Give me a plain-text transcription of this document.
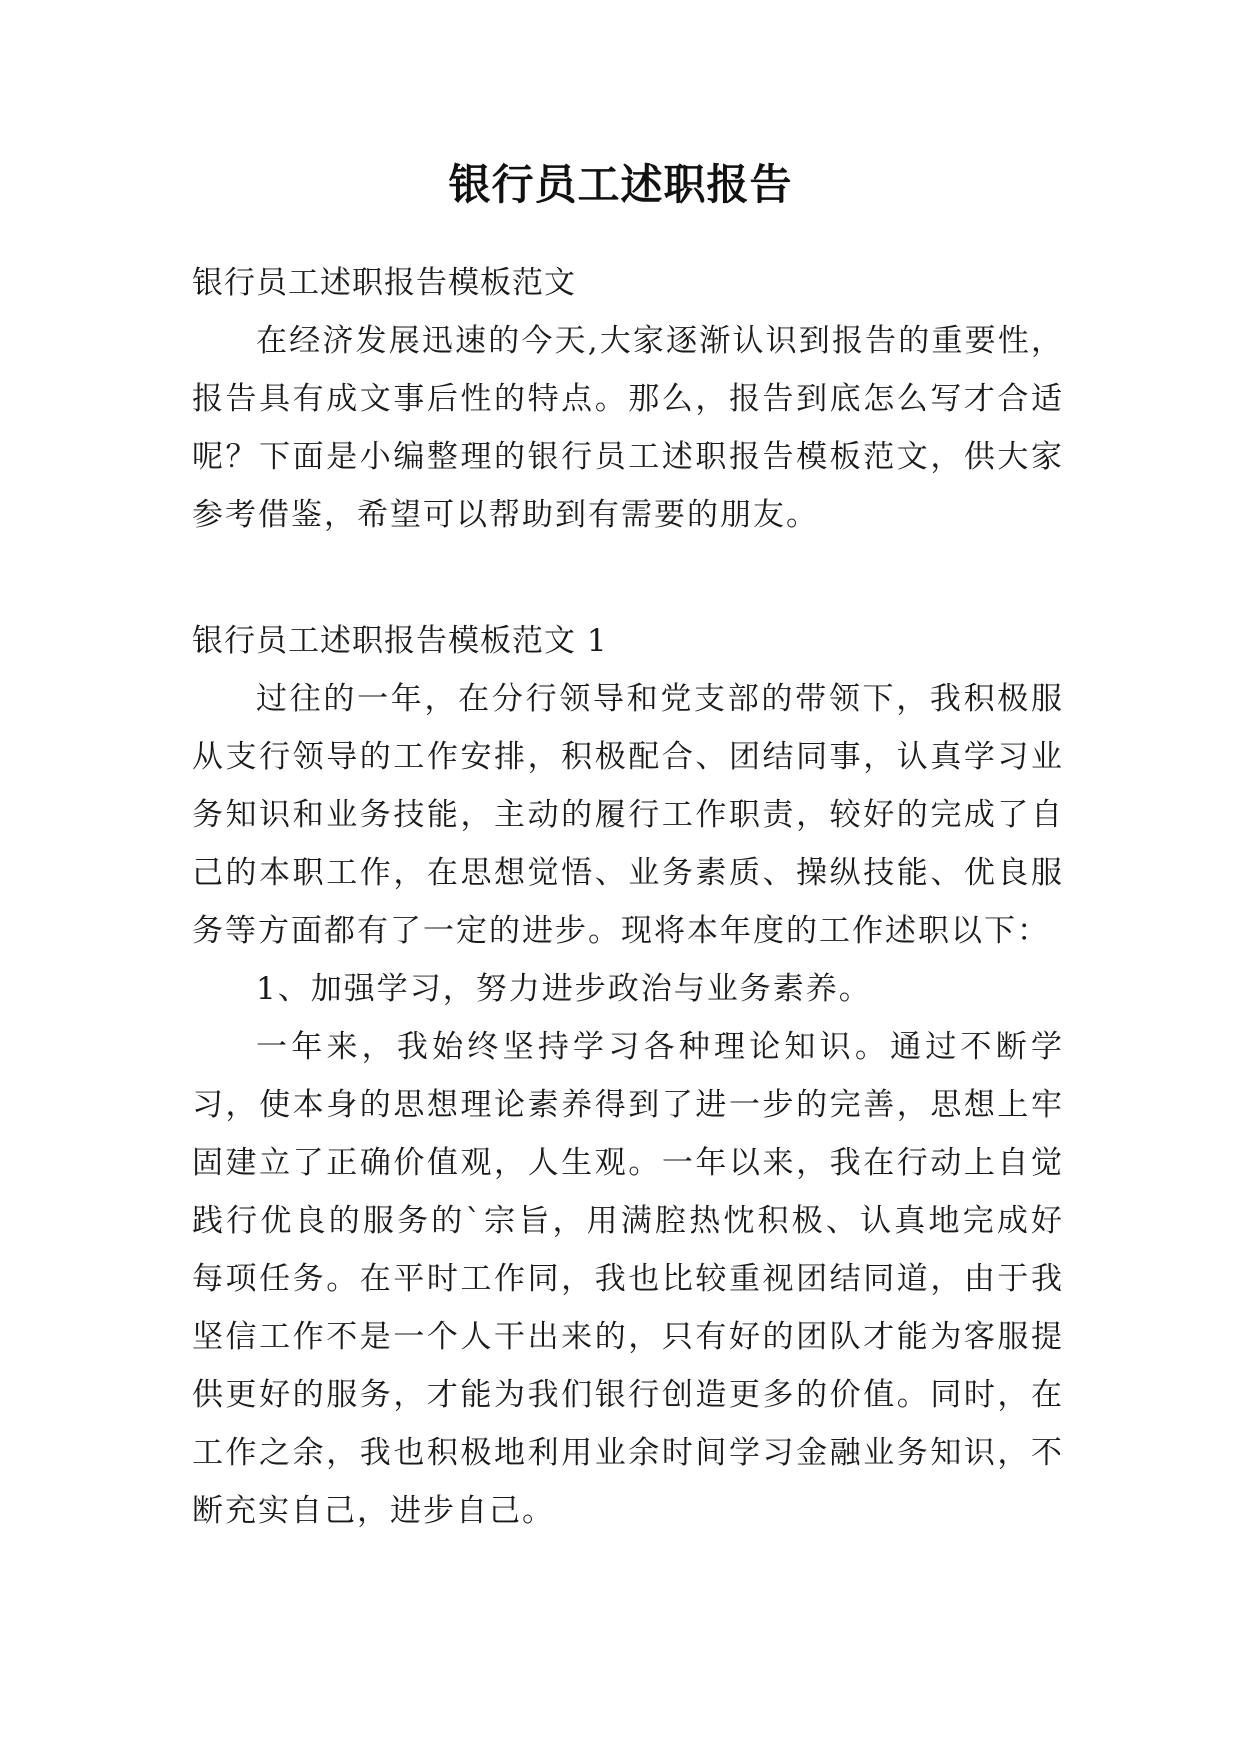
银行员工述职报告

银行员工述职报告模板范文

在经济发展迅速的今天,大家逐渐认识到报告的重要性，报告具有成文事后性的特点。那么，报告到底怎么写才合适呢？下面是小编整理的银行员工述职报告模板范文，供大家参考借鉴，希望可以帮助到有需要的朋友。

银行员工述职报告模板范文 1

过往的一年，在分行领导和党支部的带领下，我积极服从支行领导的工作安排，积极配合、团结同事，认真学习业务知识和业务技能，主动的履行工作职责，较好的完成了自己的本职工作，在思想觉悟、业务素质、操纵技能、优良服务等方面都有了一定的进步。现将本年度的工作述职以下：

1、加强学习，努力进步政治与业务素养。

一年来，我始终坚持学习各种理论知识。通过不断学习，使本身的思想理论素养得到了进一步的完善，思想上牢固建立了正确价值观，人生观。一年以来，我在行动上自觉践行优良的服务的`宗旨，用满腔热忱积极、认真地完成好每项任务。在平时工作同，我也比较重视团结同道，由于我坚信工作不是一个人干出来的，只有好的团队才能为客服提供更好的服务，才能为我们银行创造更多的价值。同时，在工作之余，我也积极地利用业余时间学习金融业务知识，不断充实自己，进步自己。
